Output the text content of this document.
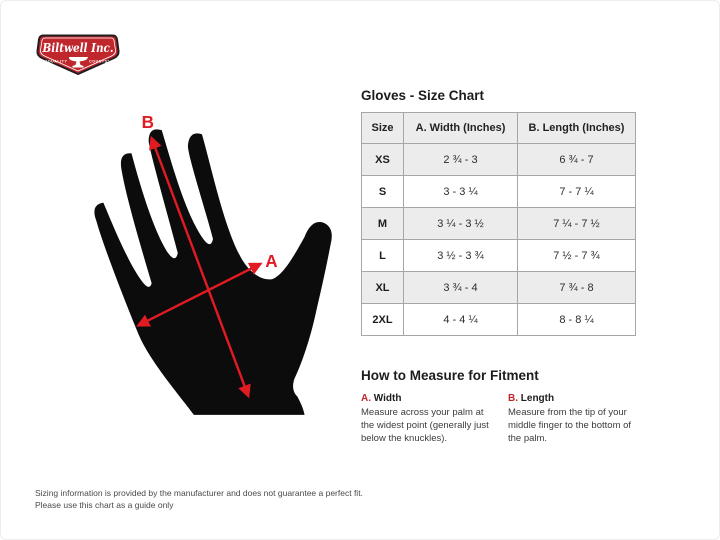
Biltwell Inc.
"QUALITY	COUNTS"
B
A
Gloves - Size Chart
Size	A. Width (Inches)	B. Length (Inches)
XS	2 ¾ - 3	6 ¾ - 7
S	3 - 3 ¼	7 - 7 ¼
M	3 ¼ - 3 ½	7 ¼ - 7 ½
L	3 ½ - 3 ¾	7 ½ - 7 ¾
XL	3 ¾ - 4	7 ¾ - 8
2XL	4 - 4 ¼	8 - 8 ¼
How to Measure for Fitment
A. Width
Measure across your palm at the widest point (generally just below the knuckles).
B. Length
Measure from the tip of your middle finger to the bottom of the palm.
Sizing information is provided by the manufacturer and does not guarantee a perfect fit.
Please use this chart as a guide only
